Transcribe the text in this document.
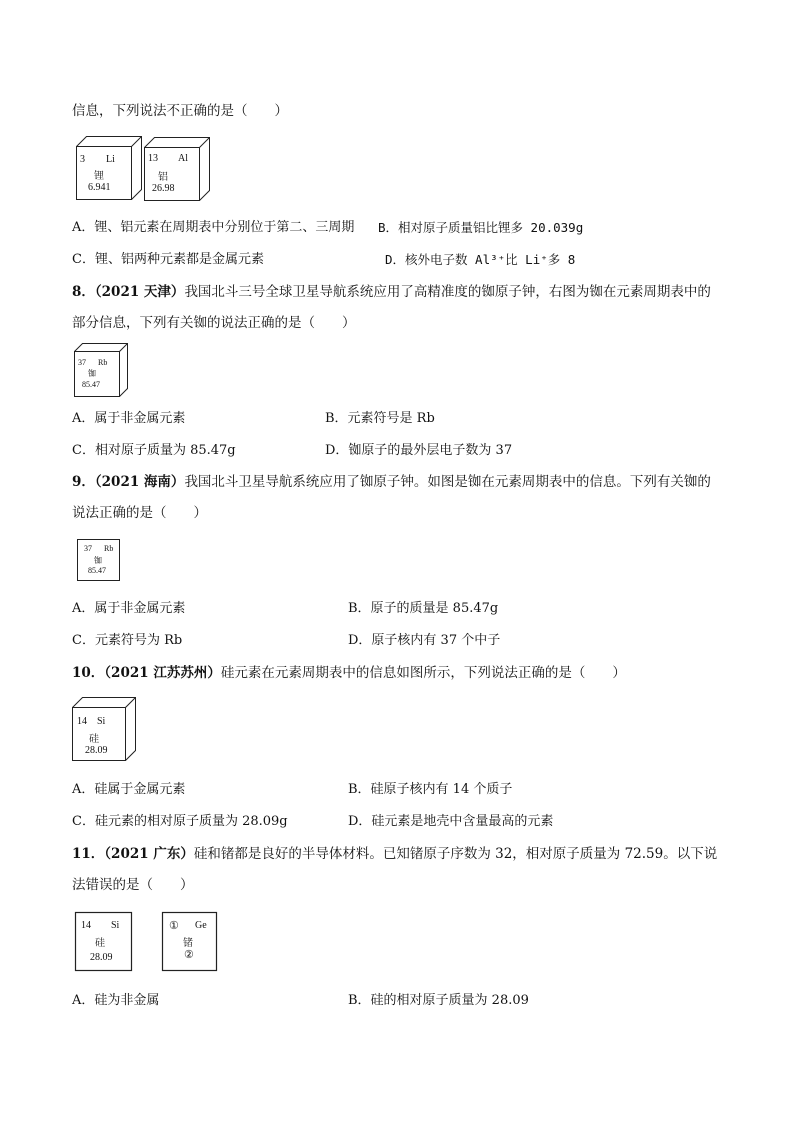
信息，下列说法不正确的是（　　）
3 Li
锂
6.941
13 Al
铝
26.98
A．锂、铝元素在周期表中分别位于第二、三周期 B．相对原子质量铝比锂多 20.039g
C．锂、铝两种元素都是金属元素	D．核外电子数 Al³⁺比 Li⁺多 8
8．（2021 天津）我国北斗三号全球卫星导航系统应用了高精准度的铷原子钟，右图为铷在元素周期表中的
部分信息，下列有关铷的说法正确的是（　　）
37 Rb
铷
85.47
A．属于非金属元素	B．元素符号是 Rb
C．相对原子质量为 85.47g	D．铷原子的最外层电子数为 37
9．（2021 海南）我国北斗卫星导航系统应用了铷原子钟。如图是铷在元素周期表中的信息。下列有关铷的
说法正确的是（　　）
37 Rb
铷
85.47
A．属于非金属元素	B．原子的质量是 85.47g
C．元素符号为 Rb	D．原子核内有 37 个中子
10．（2021 江苏苏州）硅元素在元素周期表中的信息如图所示，下列说法正确的是（　　）
14 Si
硅
28.09
A．硅属于金属元素	B．硅原子核内有 14 个质子
C．硅元素的相对原子质量为 28.09g	D．硅元素是地壳中含量最高的元素
11．（2021 广东）硅和锗都是良好的半导体材料。已知锗原子序数为 32，相对原子质量为 72.59。以下说
法错误的是（　　）
14 Si
硅
28.09
① Ge
锗
②
A．硅为非金属	B．硅的相对原子质量为 28.09
